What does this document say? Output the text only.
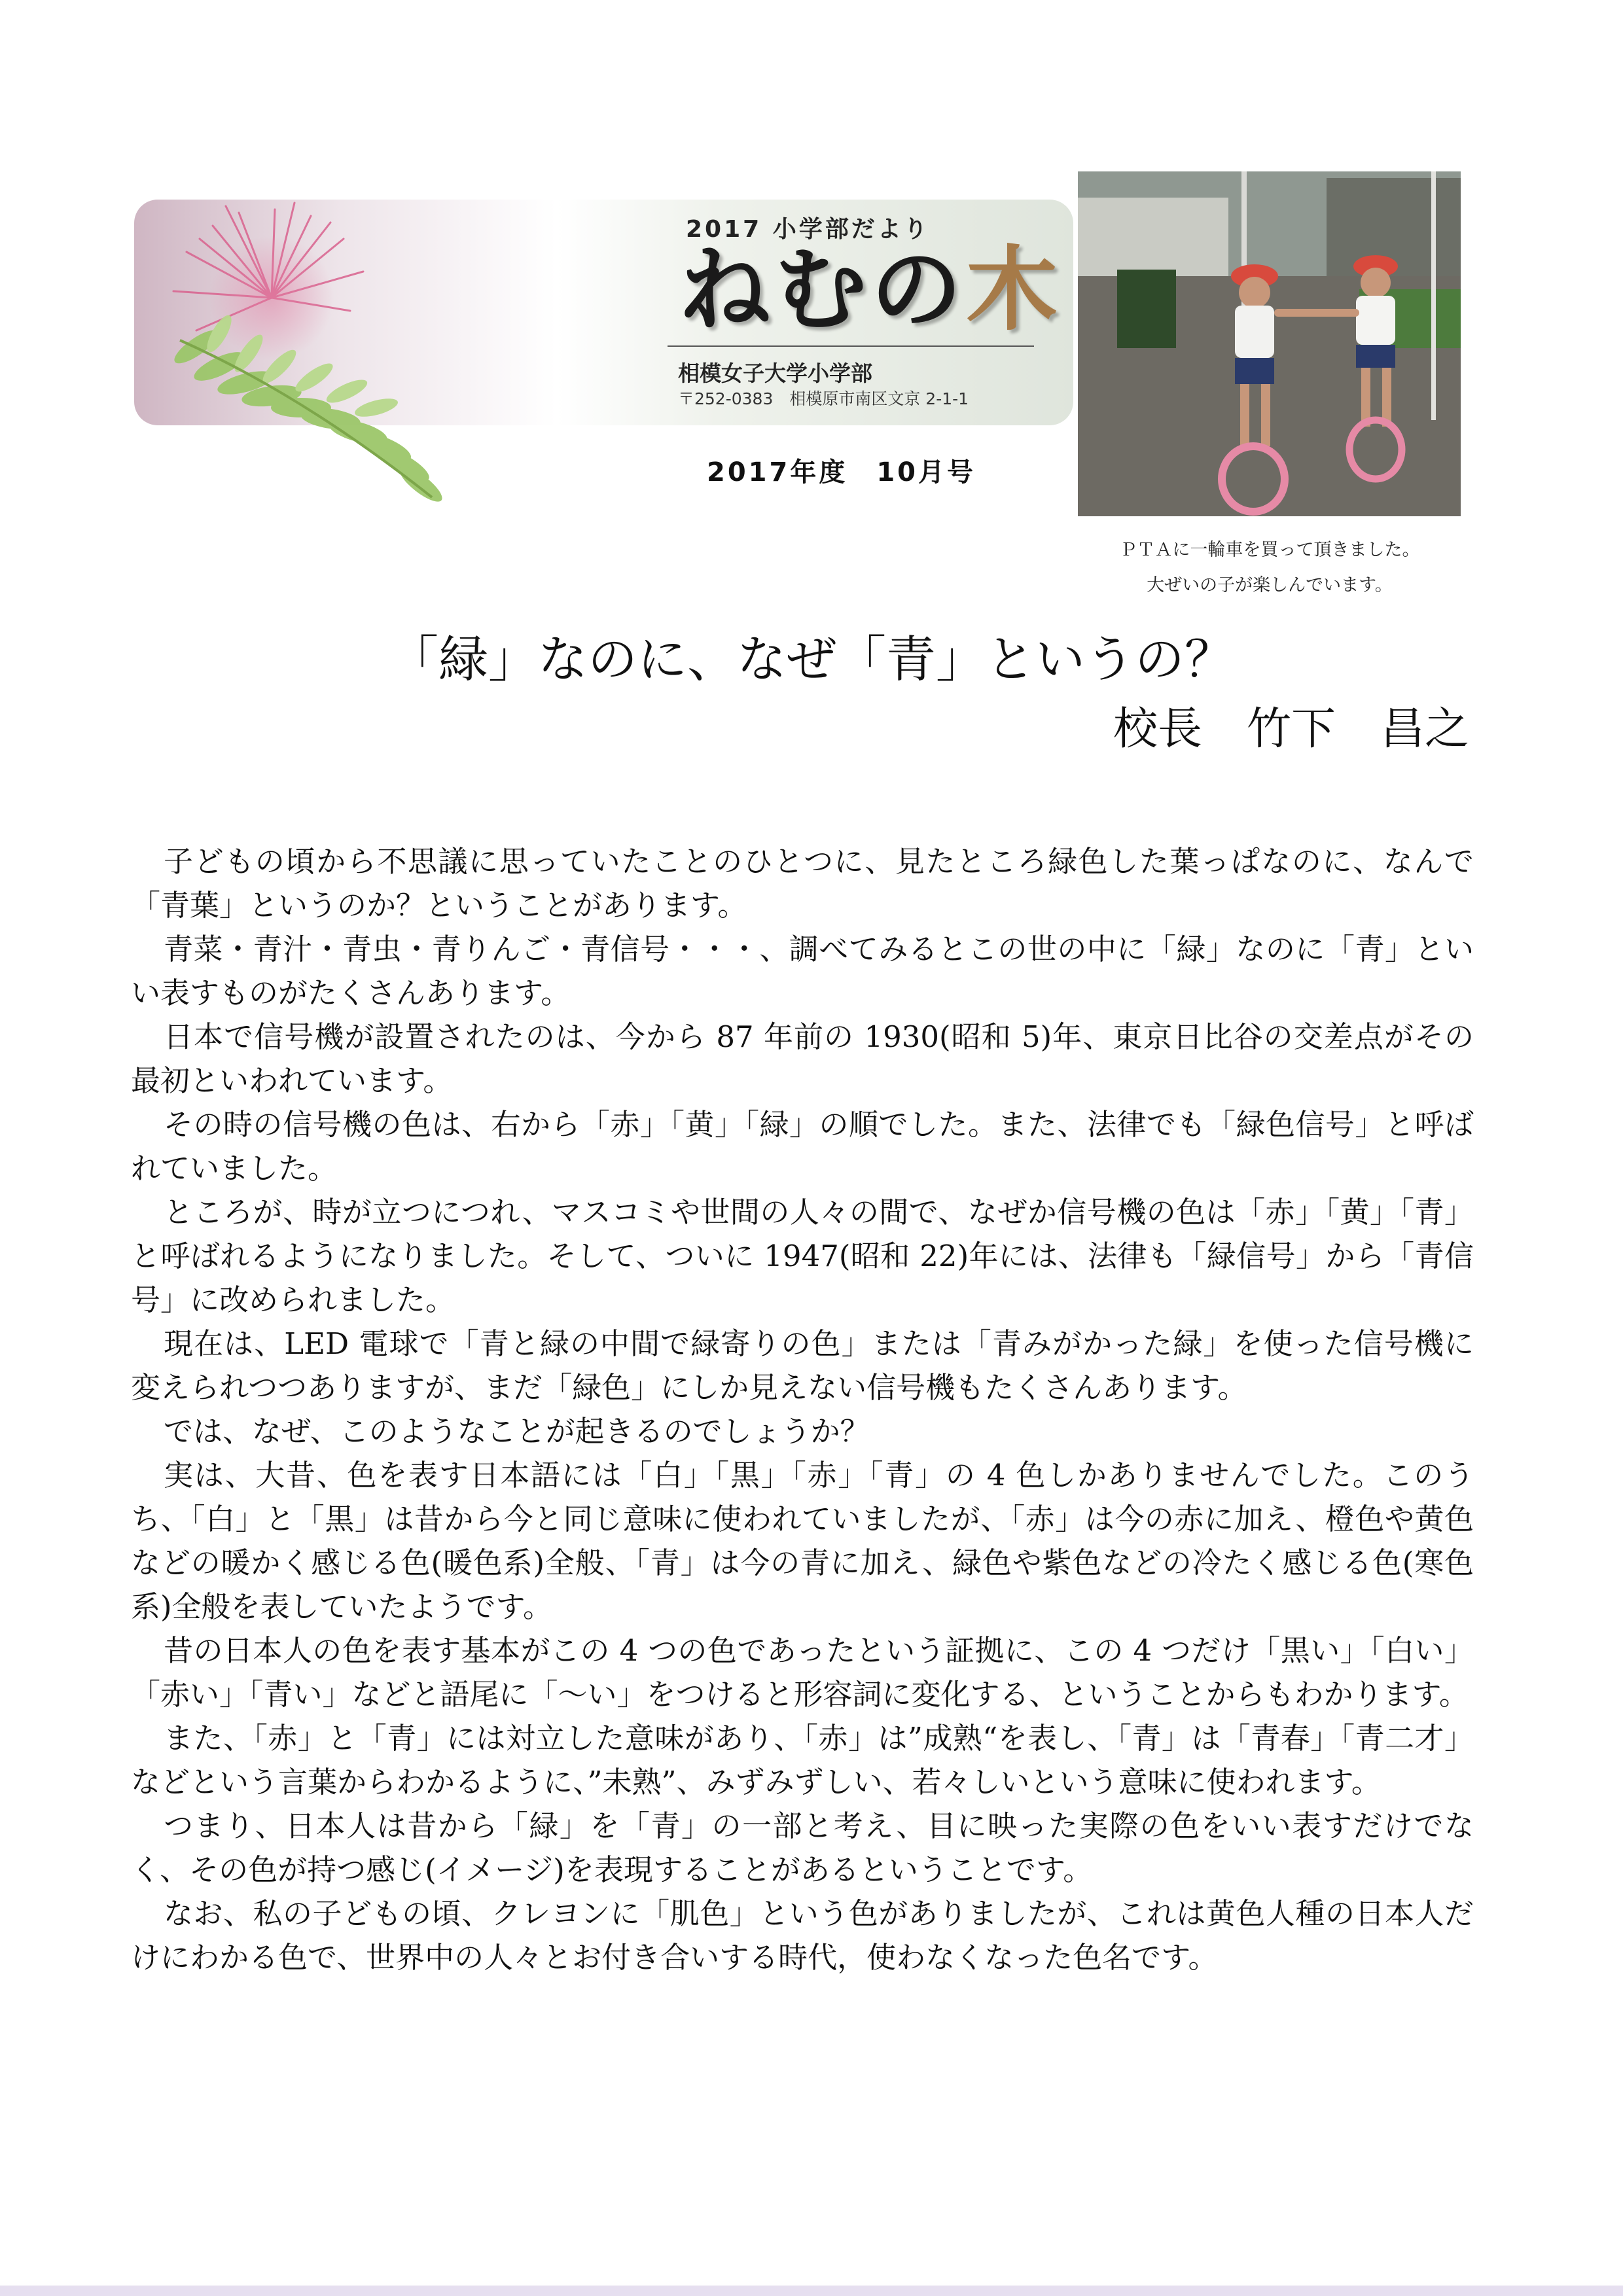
2017 小学部だより
ねむの木
相模女子大学小学部
〒252-0383　相模原市南区文京 2-1-1
2017年度　10月号
ＰＴＡに一輪車を買って頂きました。
大ぜいの子が楽しんでいます。
「緑」なのに、なぜ「青」というの？
校長　竹下　昌之

子どもの頃から不思議に思っていたことのひとつに、見たところ緑色した葉っぱなのに、なんで「青葉」というのか？ということがあります。

青菜・青汁・青虫・青りんご・青信号・・・、調べてみるとこの世の中に「緑」なのに「青」といい表すものがたくさんあります。

日本で信号機が設置されたのは、今から 87 年前の 1930(昭和 5)年、東京日比谷の交差点がその最初といわれています。

その時の信号機の色は、右から「赤」「黄」「緑」の順でした。また、法律でも「緑色信号」と呼ばれていました。

ところが、時が立つにつれ、マスコミや世間の人々の間で、なぜか信号機の色は「赤」「黄」「青」と呼ばれるようになりました。そして、ついに 1947(昭和 22)年には、法律も「緑信号」から「青信号」に改められました。

現在は、LED 電球で「青と緑の中間で緑寄りの色」または「青みがかった緑」を使った信号機に変えられつつありますが、まだ「緑色」にしか見えない信号機もたくさんあります。

では、なぜ、このようなことが起きるのでしょうか？

実は、大昔、色を表す日本語には「白」「黒」「赤」「青」の 4 色しかありませんでした。このうち、「白」と「黒」は昔から今と同じ意味に使われていましたが、「赤」は今の赤に加え、橙色や黄色などの暖かく感じる色(暖色系)全般、「青」は今の青に加え、緑色や紫色などの冷たく感じる色(寒色系)全般を表していたようです。

昔の日本人の色を表す基本がこの 4 つの色であったという証拠に、この 4 つだけ「黒い」「白い」「赤い」「青い」などと語尾に「〜い」をつけると形容詞に変化する、ということからもわかります。

また、「赤」と「青」には対立した意味があり、「赤」は”成熟“を表し、「青」は「青春」「青二才」などという言葉からわかるように、”未熟”、みずみずしい、若々しいという意味に使われます。

つまり、日本人は昔から「緑」を「青」の一部と考え、目に映った実際の色をいい表すだけでなく、その色が持つ感じ(イメージ)を表現することがあるということです。

なお、私の子どもの頃、クレヨンに「肌色」という色がありましたが、これは黄色人種の日本人だけにわかる色で、世界中の人々とお付き合いする時代，使わなくなった色名です。
